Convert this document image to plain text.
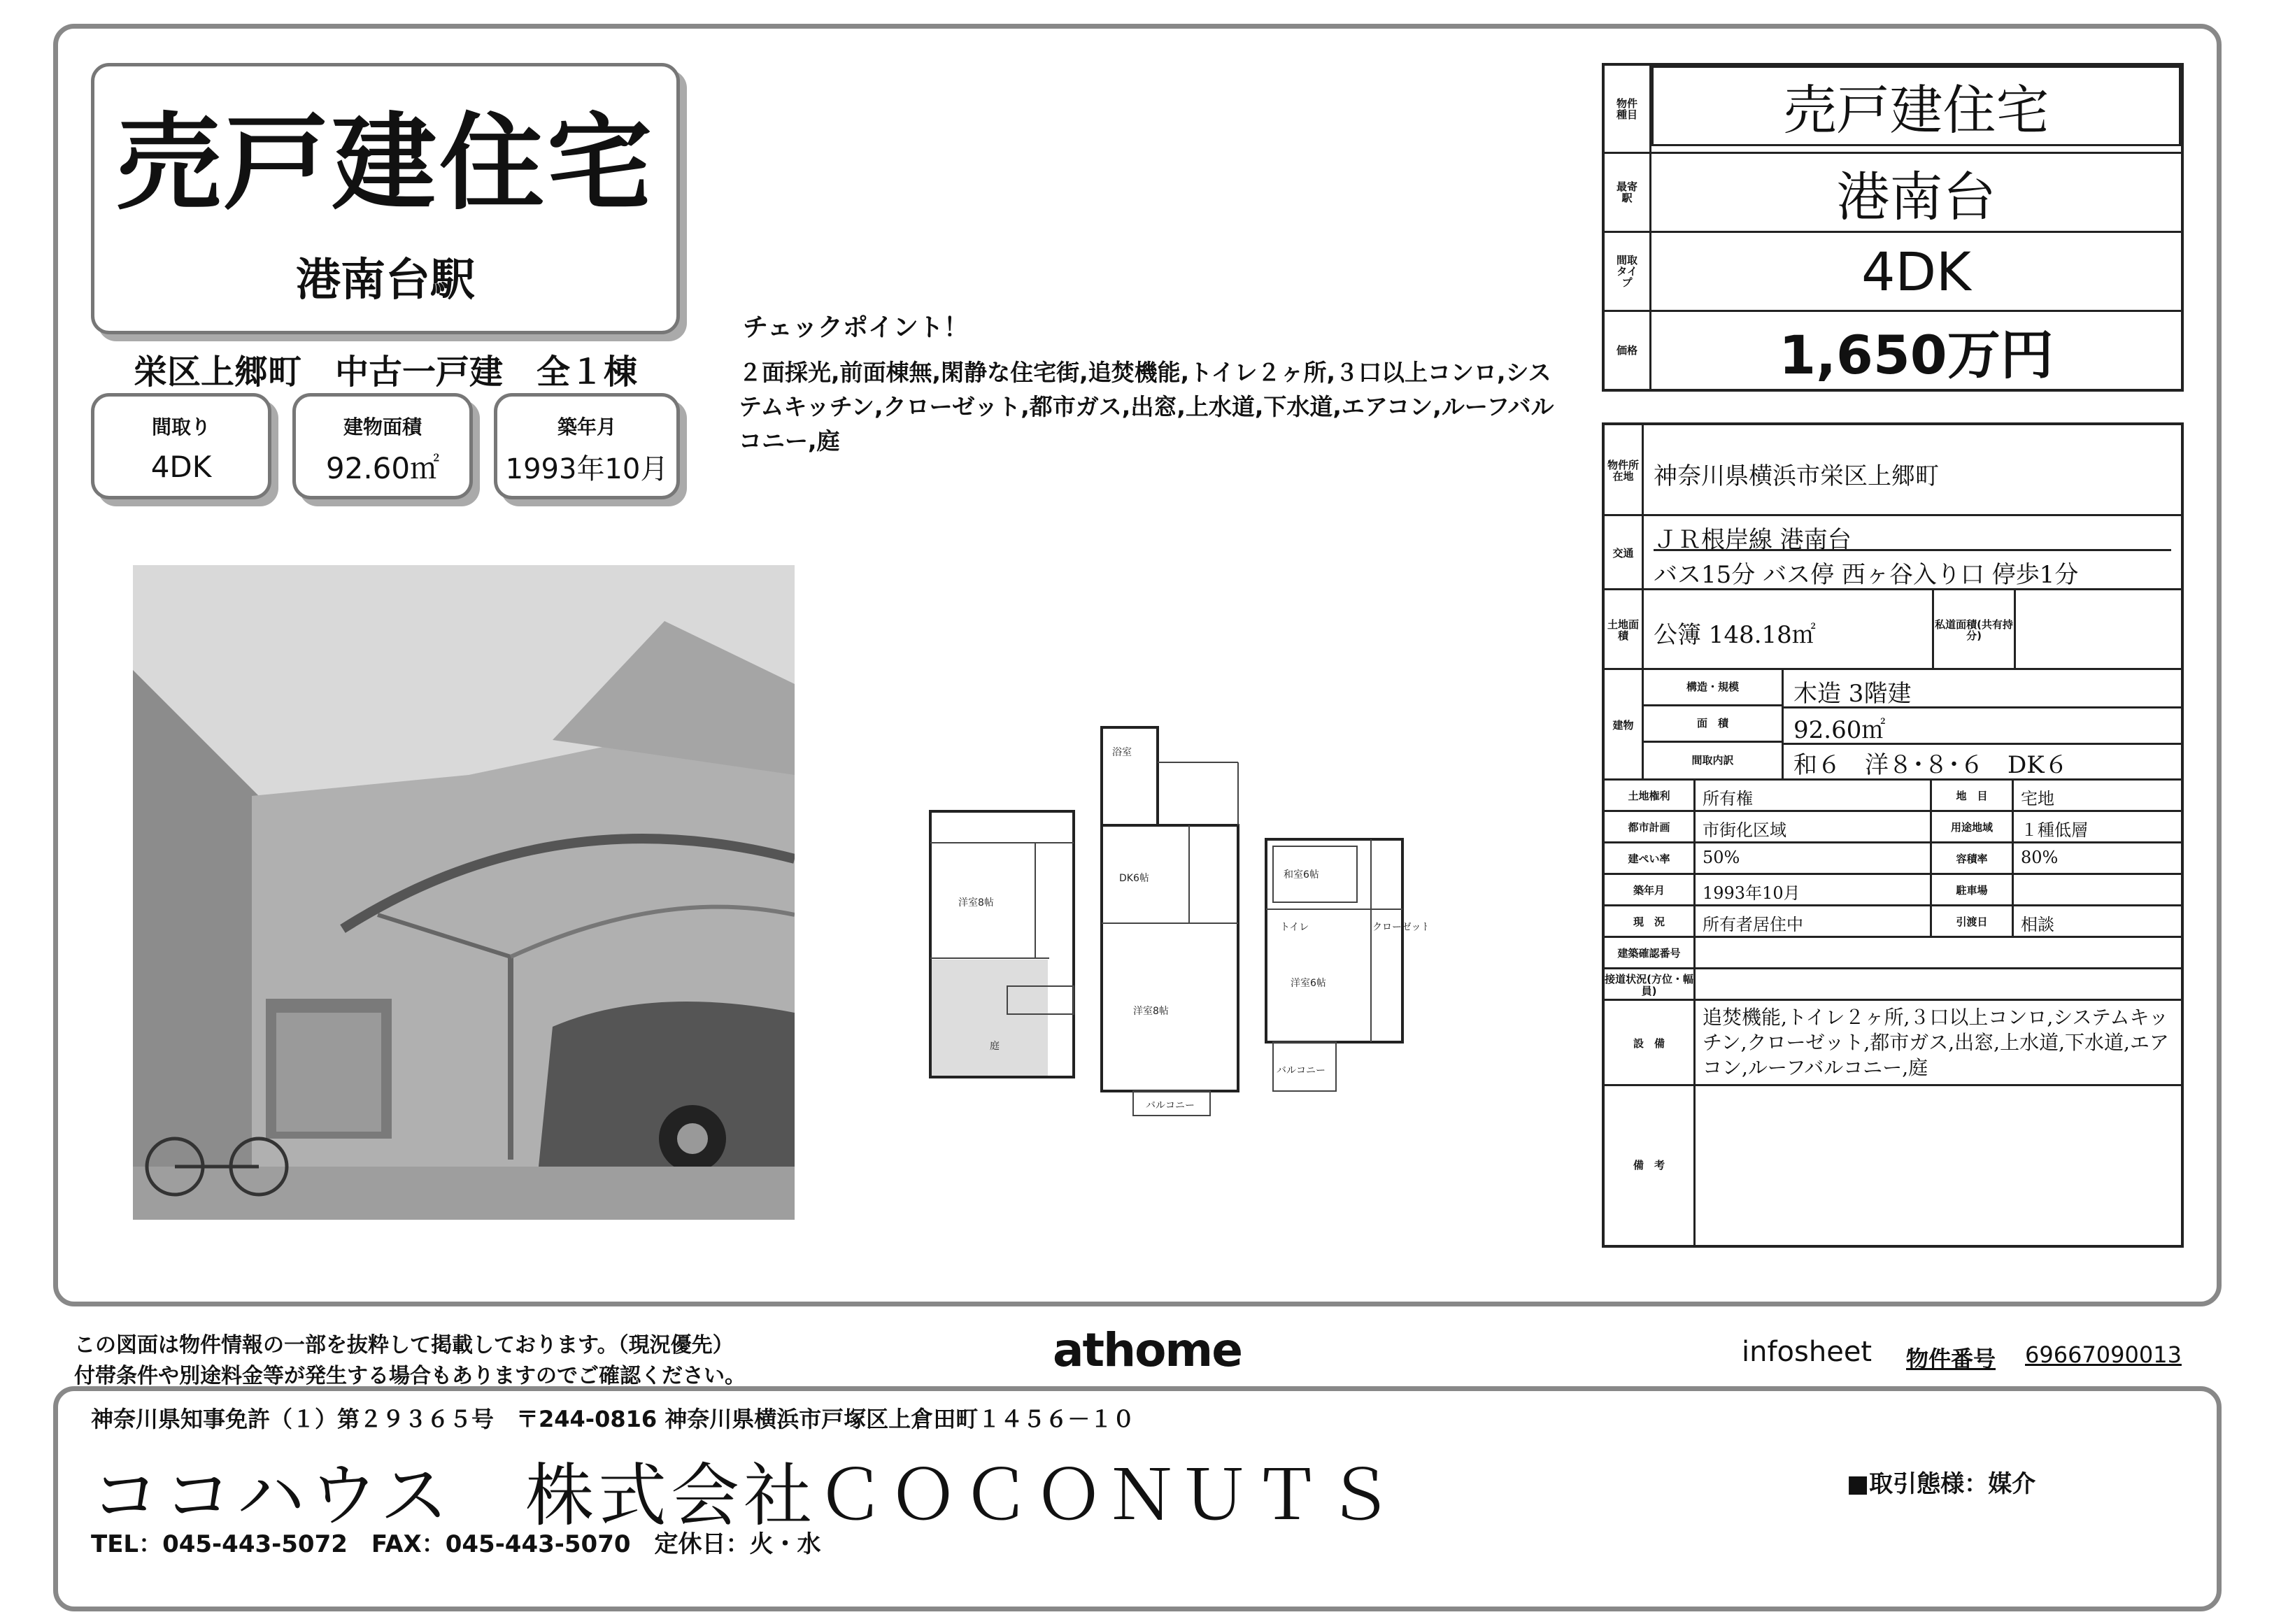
売戸建住宅
港南台駅
栄区上郷町　中古一戸建　全１棟
間取り
4DK
建物面積
92.60㎡
築年月
1993年10月
チェックポイント！
２面採光,前面棟無,閑静な住宅街,追焚機能,トイレ２ヶ所,３口以上コンロ,システムキッチン,クローゼット,都市ガス,出窓,上水道,下水道,エアコン,ルーフバルコニー,庭
洋室8帖
庭
DK6帖
洋室8帖
浴室
バルコニー
和室6帖
洋室6帖
バルコニー
クローゼット
トイレ
物件種目		売戸建住宅

最寄駅	港南台
間取タイプ	4DK
価格	1,650万円
物件所在地 神奈川県横浜市栄区上郷町
交通 ＪＲ根岸線 港南台
バス15分 バス停 西ヶ谷入り口 停歩1分
土地面積	公簿 148.18㎡	私道面積(共有持分)
建物
構造・規模	木造 3階建
面　積	92.60㎡
間取内訳	和６　洋８･８･６　DK６
土地権利	所有権	地　目	宅地
都市計画	市街化区域	用途地域	１種低層
建ぺい率	50%	容積率	80%
築年月	1993年10月	駐車場
現　況	所有者居住中	引渡日	相談
建築確認番号
接道状況(方位・幅員)
設　備
追焚機能,トイレ２ヶ所,３口以上コンロ,システムキッチン,クローゼット,都市ガス,出窓,上水道,下水道,エアコン,ルーフバルコニー,庭
備　考
この図面は物件情報の一部を抜粋して掲載しております。（現況優先）
付帯条件や別途料金等が発生する場合もありますのでご確認ください。	athome	infosheet	物件番号	69667090013
神奈川県知事免許（１）第２９３６５号　〒244-0816 神奈川県横浜市戸塚区上倉田町１４５６－１０
ココハウス　株式会社ＣＯＣＯＮＵＴＳ	■取引態様：媒介
TEL：045-443-5072　FAX：045-443-5070　定休日：火・水
